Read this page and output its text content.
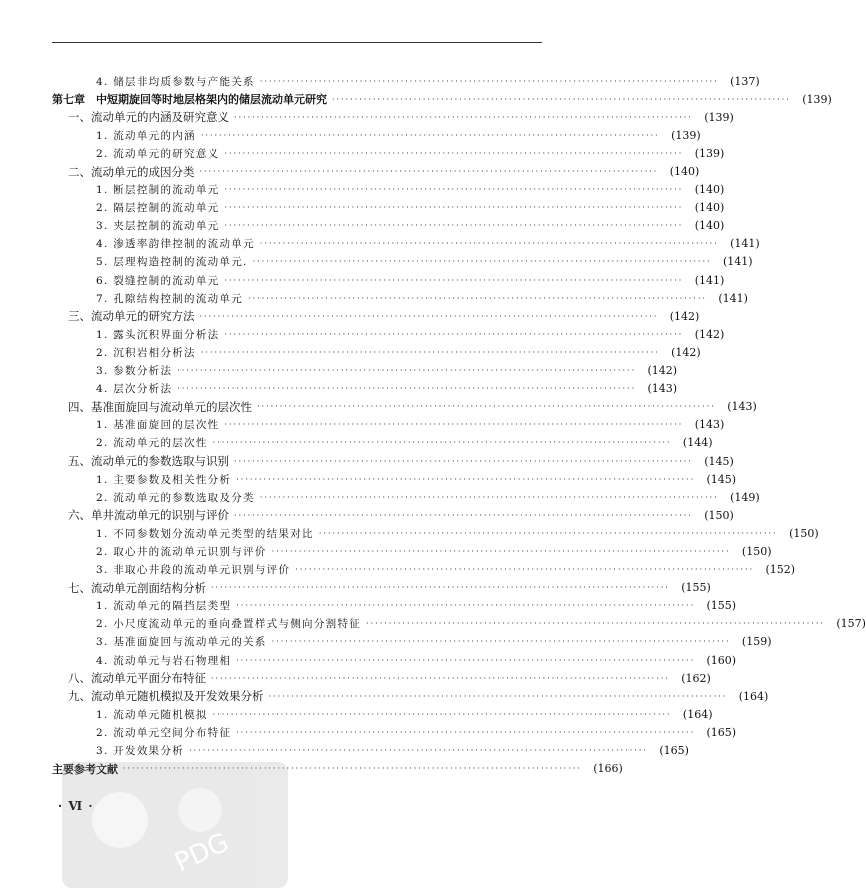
4. 储层非均质参数与产能关系 ·····································································································	(137)
第七章　中短期旋回等时地层格架内的储层流动单元研究 ·····································································································	(139)
一、流动单元的内涵及研究意义 ·····································································································	(139)
1. 流动单元的内涵 ·····································································································	(139)
2. 流动单元的研究意义 ·····································································································	(139)
二、流动单元的成因分类 ·····································································································	(140)
1. 断层控制的流动单元 ·····································································································	(140)
2. 隔层控制的流动单元 ·····································································································	(140)
3. 夹层控制的流动单元 ·····································································································	(140)
4. 渗透率韵律控制的流动单元 ·····································································································	(141)
5. 层理构造控制的流动单元. ·····································································································	(141)
6. 裂缝控制的流动单元 ·····································································································	(141)
7. 孔隙结构控制的流动单元 ·····································································································	(141)
三、流动单元的研究方法 ·····································································································	(142)
1. 露头沉积界面分析法 ·····································································································	(142)
2. 沉积岩相分析法 ·····································································································	(142)
3. 参数分析法 ·····································································································	(142)
4. 层次分析法 ·····································································································	(143)
四、基准面旋回与流动单元的层次性 ·····································································································	(143)
1. 基准面旋回的层次性 ·····································································································	(143)
2. 流动单元的层次性 ·····································································································	(144)
五、流动单元的参数选取与识别 ·····································································································	(145)
1. 主要参数及相关性分析 ·····································································································	(145)
2. 流动单元的参数选取及分类 ·····································································································	(149)
六、单井流动单元的识别与评价 ·····································································································	(150)
1. 不同参数划分流动单元类型的结果对比 ·····································································································	(150)
2. 取心井的流动单元识别与评价 ·····································································································	(150)
3. 非取心井段的流动单元识别与评价 ·····································································································	(152)
七、流动单元剖面结构分析 ·····································································································	(155)
1. 流动单元的隔挡层类型 ·····································································································	(155)
2. 小尺度流动单元的垂向叠置样式与侧向分割特征 ·····································································································	(157)
3. 基准面旋回与流动单元的关系 ·····································································································	(159)
4. 流动单元与岩石物理相 ·····································································································	(160)
八、流动单元平面分布特征 ·····································································································	(162)
九、流动单元随机模拟及开发效果分析 ·····································································································	(164)
1. 流动单元随机模拟 ·····································································································	(164)
2. 流动单元空间分布特征 ·····································································································	(165)
3. 开发效果分析 ·····································································································	(165)
主要参考文献 ·····································································································	(166)
· Ⅵ ·
PDG
